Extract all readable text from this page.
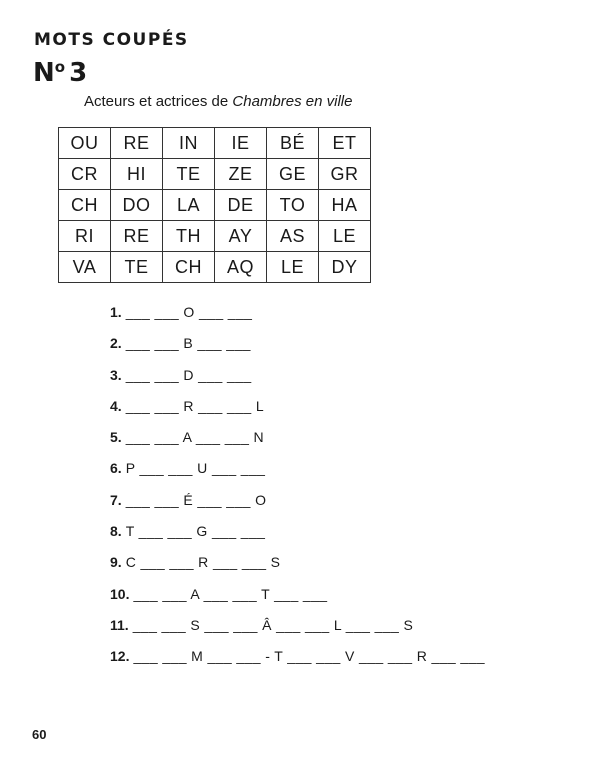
MOTS COUPÉS
$N^o$ 3
Acteurs et actrices de Chambres en ville
OU	RE	IN	IE	BÉ	ET
CR	HI	TE	ZE	GE	GR
CH	DO	LA	DE	TO	HA
RI	RE	TH	AY	AS	LE
VA	TE	CH	AQ	LE	DY
1. ___ ___ O ___ ___
2. ___ ___ B ___ ___
3. ___ ___ D ___ ___
4. ___ ___ R ___ ___ L
5. ___ ___ A ___ ___ N
6. P ___ ___ U ___ ___
7. ___ ___ É ___ ___ O
8. T ___ ___ G ___ ___
9. C ___ ___ R ___ ___ S
10. ___ ___ A ___ ___ T ___ ___
11. ___ ___ S ___ ___ Â ___ ___ L ___ ___ S
12. ___ ___ M ___ ___ - T ___ ___ V ___ ___ R ___ ___
60
